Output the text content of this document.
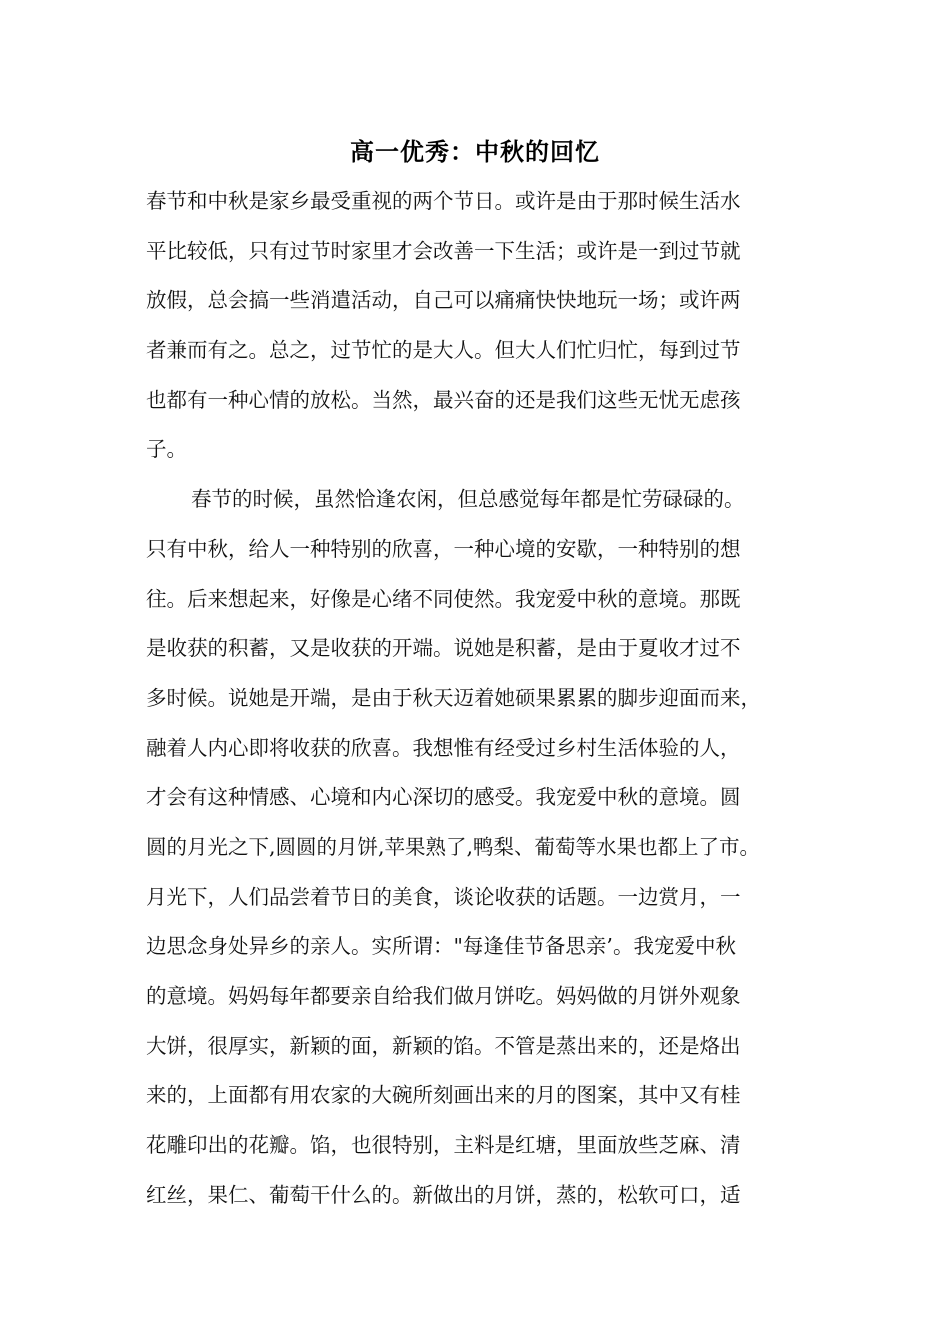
高一优秀：中秋的回忆
春节和中秋是家乡最受重视的两个节日。或许是由于那时候生活水
平比较低，只有过节时家里才会改善一下生活；或许是一到过节就
放假，总会搞一些消遣活动，自己可以痛痛快快地玩一场；或许两
者兼而有之。总之，过节忙的是大人。但大人们忙归忙，每到过节
也都有一种心情的放松。当然，最兴奋的还是我们这些无忧无虑孩
子。
春节的时候，虽然恰逢农闲，但总感觉每年都是忙劳碌碌的。
只有中秋，给人一种特别的欣喜，一种心境的安歇，一种特别的想
往。后来想起来，好像是心绪不同使然。我宠爱中秋的意境。那既
是收获的积蓄，又是收获的开端。说她是积蓄，是由于夏收才过不
多时候。说她是开端，是由于秋天迈着她硕果累累的脚步迎面而来，
融着人内心即将收获的欣喜。我想惟有经受过乡村生活体验的人，
才会有这种情感、心境和内心深切的感受。我宠爱中秋的意境。圆
圆的月光之下,圆圆的月饼,苹果熟了,鸭梨、葡萄等水果也都上了市。
月光下，人们品尝着节日的美食，谈论收获的话题。一边赏月，一
边思念身处异乡的亲人。实所谓："每逢佳节备思亲’。我宠爱中秋
的意境。妈妈每年都要亲自给我们做月饼吃。妈妈做的月饼外观象
大饼，很厚实，新颖的面，新颖的馅。不管是蒸出来的，还是烙出
来的，上面都有用农家的大碗所刻画出来的月的图案，其中又有桂
花雕印出的花瓣。馅，也很特别，主料是红塘，里面放些芝麻、清
红丝，果仁、葡萄干什么的。新做出的月饼，蒸的，松软可口，适
